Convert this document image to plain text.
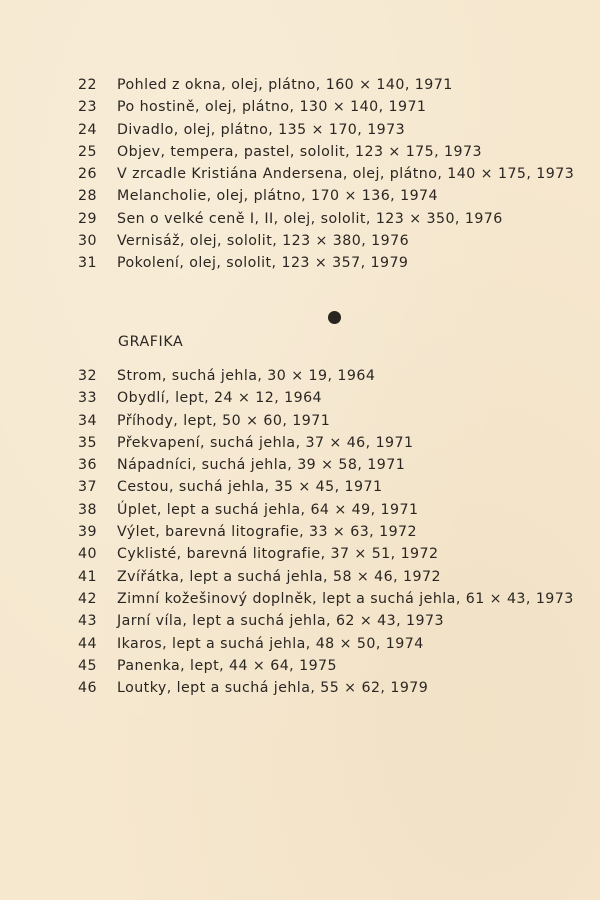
22	Pohled z okna, olej, plátno, 160 × 140, 1971
23	Po hostině, olej, plátno, 130 × 140, 1971
24	Divadlo, olej, plátno, 135 × 170, 1973
25	Objev, tempera, pastel, sololit, 123 × 175, 1973
26	V zrcadle Kristiána Andersena, olej, plátno, 140 × 175, 1973
28	Melancholie, olej, plátno, 170 × 136, 1974
29	Sen o velké ceně I, II, olej, sololit, 123 × 350, 1976
30	Vernisáž, olej, sololit, 123 × 380, 1976
31	Pokolení, olej, sololit, 123 × 357, 1979
GRAFIKA
32	Strom, suchá jehla, 30 × 19, 1964
33	Obydlí, lept, 24 × 12, 1964
34	Příhody, lept, 50 × 60, 1971
35	Překvapení, suchá jehla, 37 × 46, 1971
36	Nápadníci, suchá jehla, 39 × 58, 1971
37	Cestou, suchá jehla, 35 × 45, 1971
38	Úplet, lept a suchá jehla, 64 × 49, 1971
39	Výlet, barevná litografie, 33 × 63, 1972
40	Cyklisté, barevná litografie, 37 × 51, 1972
41	Zvířátka, lept a suchá jehla, 58 × 46, 1972
42	Zimní kožešinový doplněk, lept a suchá jehla, 61 × 43, 1973
43	Jarní víla, lept a suchá jehla, 62 × 43, 1973
44	Ikaros, lept a suchá jehla, 48 × 50, 1974
45	Panenka, lept, 44 × 64, 1975
46	Loutky, lept a suchá jehla, 55 × 62, 1979
